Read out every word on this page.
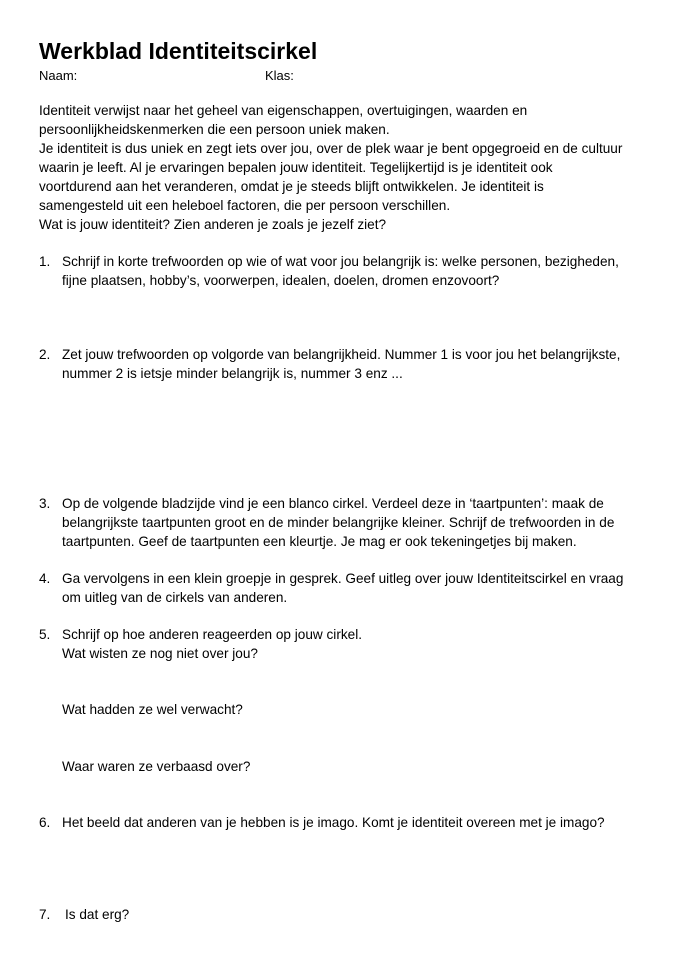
Werkblad Identiteitscirkel
Naam:	Klas:

Identiteit verwijst naar het geheel van eigenschappen, overtuigingen, waarden en

persoonlijkheidskenmerken die een persoon uniek maken.

Je identiteit is dus uniek en zegt iets over jou, over de plek waar je bent opgegroeid en de cultuur

waarin je leeft. Al je ervaringen bepalen jouw identiteit. Tegelijkertijd is je identiteit ook

voortdurend aan het veranderen, omdat je je steeds blijft ontwikkelen. Je identiteit is

samengesteld uit een heleboel factoren, die per persoon verschillen.

Wat is jouw identiteit? Zien anderen je zoals je jezelf ziet?

1. Schrijf in korte trefwoorden op wie of wat voor jou belangrijk is: welke personen, bezigheden,

fijne plaatsen, hobby’s, voorwerpen, idealen, doelen, dromen enzovoort?

2. Zet jouw trefwoorden op volgorde van belangrijkheid. Nummer 1 is voor jou het belangrijkste,

nummer 2 is ietsje minder belangrijk is, nummer 3 enz ...

3. Op de volgende bladzijde vind je een blanco cirkel. Verdeel deze in ‘taartpunten’: maak de

belangrijkste taartpunten groot en de minder belangrijke kleiner. Schrijf de trefwoorden in de

taartpunten. Geef de taartpunten een kleurtje. Je mag er ook tekeningetjes bij maken.

4. Ga vervolgens in een klein groepje in gesprek. Geef uitleg over jouw Identiteitscirkel en vraag

om uitleg van de cirkels van anderen.

5. Schrijf op hoe anderen reageerden op jouw cirkel.

Wat wisten ze nog niet over jou?

Wat hadden ze wel verwacht?
Waar waren ze verbaasd over?
6. Het beeld dat anderen van je hebben is je imago. Komt je identiteit overeen met je imago?

7. Is dat erg?
